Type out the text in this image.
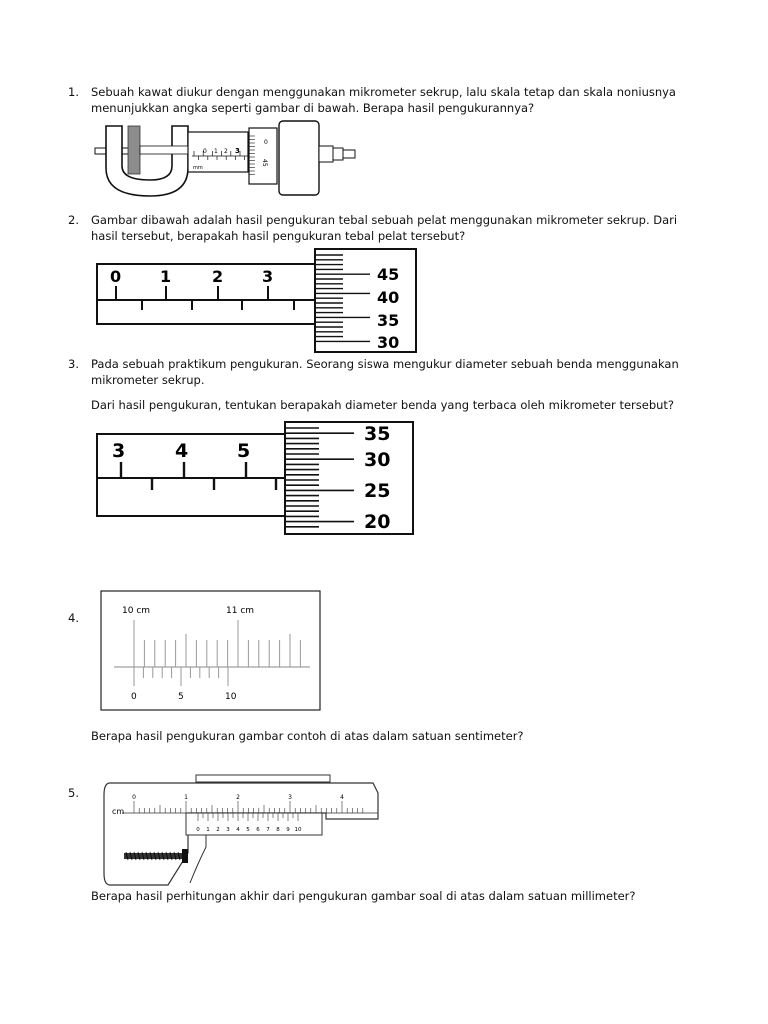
1. Sebuah kawat diukur dengan menggunakan mikrometer sekrup, lalu skala tetap dan skala noniusnya menunjukkan angka seperti gambar di bawah. Berapa hasil pengukurannya?

0 1 2 3
mm
0
45
2. Gambar dibawah adalah hasil pengukuran tebal sebuah pelat menggunakan mikrometer sekrup. Dari hasil tersebut, berapakah hasil pengukuran tebal pelat tersebut?

0 1	2 3	45
40
35
30
3. Pada sebuah praktikum pengukuran. Seorang siswa mengukur diameter sebuah benda menggunakan mikrometer sekrup.

Dari hasil pengukuran, tentukan berapakah diameter benda yang terbaca oleh mikrometer tersebut?

3	4	5
35
30
25
20
4.	10 cm	11 cm
0	5	10

Berapa hasil pengukuran gambar contoh di atas dalam satuan sentimeter?

5.
cm
0	1	2	3	4
0 1 2 3 4 5 6 7 8 9 10

Berapa hasil perhitungan akhir dari pengukuran gambar soal di atas dalam satuan millimeter?
